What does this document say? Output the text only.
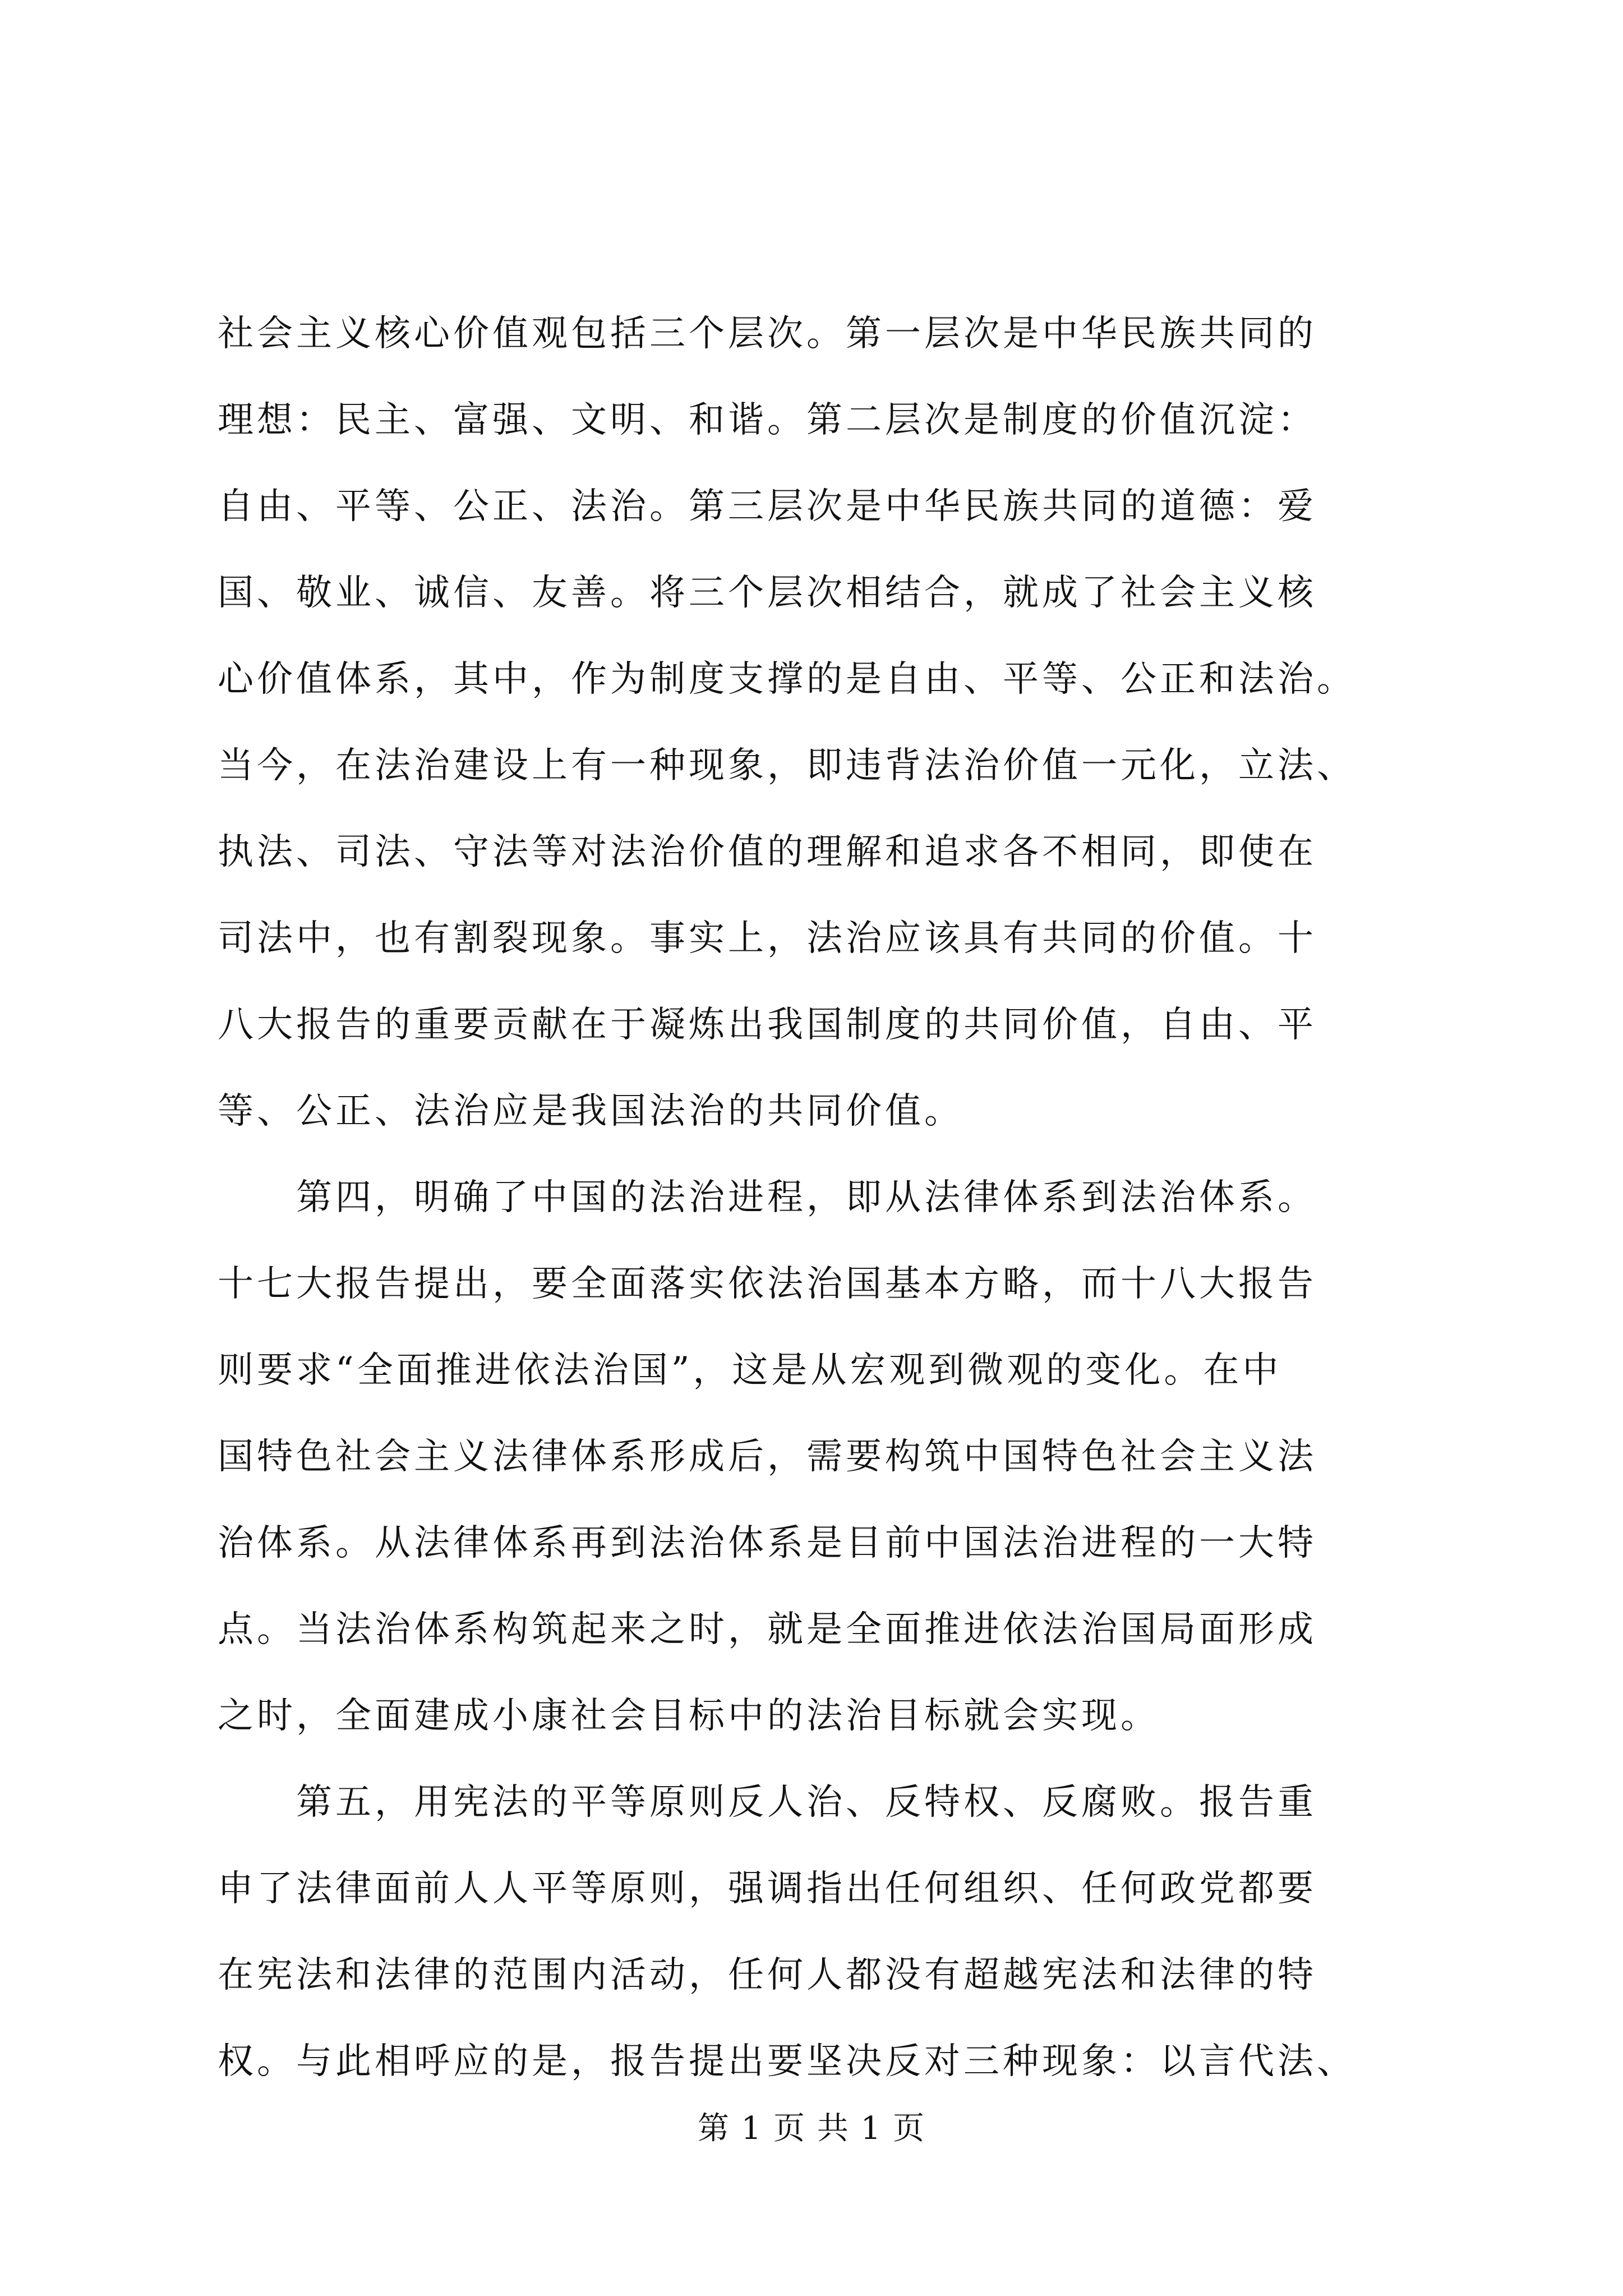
社会主义核心价值观包括三个层次。第一层次是中华民族共同的
理想：民主、富强、文明、和谐。第二层次是制度的价值沉淀：
自由、平等、公正、法治。第三层次是中华民族共同的道德：爱
国、敬业、诚信、友善。将三个层次相结合，就成了社会主义核
心价值体系，其中，作为制度支撑的是自由、平等、公正和法治。
当今，在法治建设上有一种现象，即违背法治价值一元化，立法、
执法、司法、守法等对法治价值的理解和追求各不相同，即使在
司法中，也有割裂现象。事实上，法治应该具有共同的价值。十
八大报告的重要贡献在于凝炼出我国制度的共同价值，自由、平
等、公正、法治应是我国法治的共同价值。
　　第四，明确了中国的法治进程，即从法律体系到法治体系。
十七大报告提出，要全面落实依法治国基本方略，而十八大报告
则要求“全面推进依法治国”，这是从宏观到微观的变化。在中
国特色社会主义法律体系形成后，需要构筑中国特色社会主义法
治体系。从法律体系再到法治体系是目前中国法治进程的一大特
点。当法治体系构筑起来之时，就是全面推进依法治国局面形成
之时，全面建成小康社会目标中的法治目标就会实现。
　　第五，用宪法的平等原则反人治、反特权、反腐败。报告重
申了法律面前人人平等原则，强调指出任何组织、任何政党都要
在宪法和法律的范围内活动，任何人都没有超越宪法和法律的特
权。与此相呼应的是，报告提出要坚决反对三种现象：以言代法、
第 1 页 共 1 页
